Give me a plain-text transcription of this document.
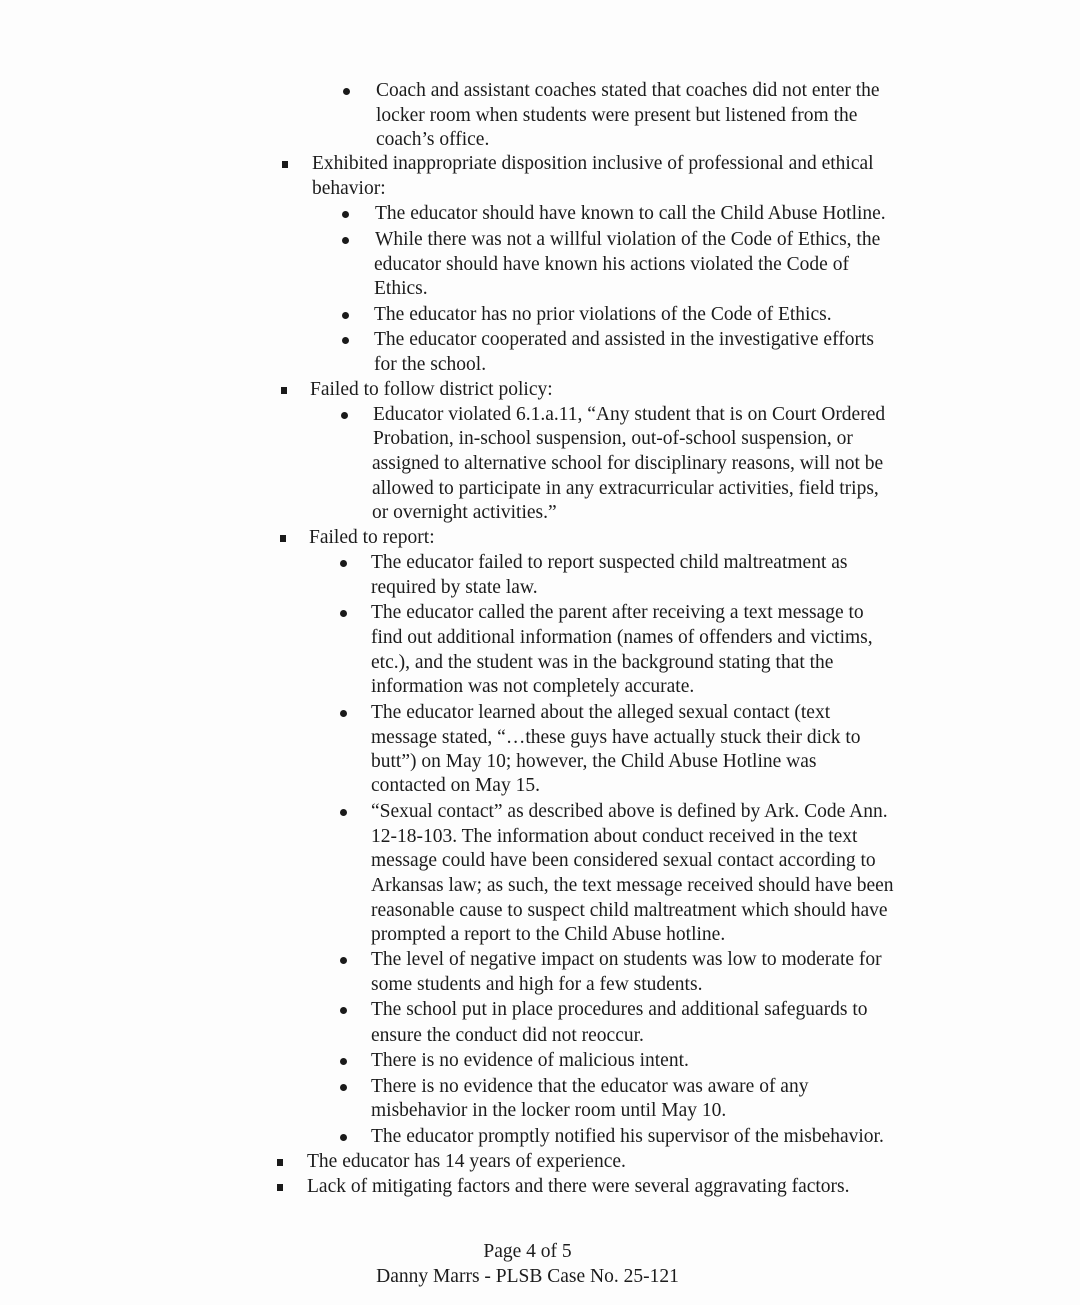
Coach and assistant coaches stated that coaches did not enter the
locker room when students were present but listened from the
coach’s office.
Exhibited inappropriate disposition inclusive of professional and ethical
behavior:
The educator should have known to call the Child Abuse Hotline.
While there was not a willful violation of the Code of Ethics, the
educator should have known his actions violated the Code of
Ethics.
The educator has no prior violations of the Code of Ethics.
The educator cooperated and assisted in the investigative efforts
for the school.
Failed to follow district policy:
Educator violated 6.1.a.11, “Any student that is on Court Ordered
Probation, in-school suspension, out-of-school suspension, or
assigned to alternative school for disciplinary reasons, will not be
allowed to participate in any extracurricular activities, field trips,
or overnight activities.”
Failed to report:
The educator failed to report suspected child maltreatment as
required by state law.
The educator called the parent after receiving a text message to
find out additional information (names of offenders and victims,
etc.), and the student was in the background stating that the
information was not completely accurate.
The educator learned about the alleged sexual contact (text
message stated, “…these guys have actually stuck their dick to
butt”) on May 10; however, the Child Abuse Hotline was
contacted on May 15.
“Sexual contact” as described above is defined by Ark. Code Ann.
12-18-103. The information about conduct received in the text
message could have been considered sexual contact according to
Arkansas law; as such, the text message received should have been
reasonable cause to suspect child maltreatment which should have
prompted a report to the Child Abuse hotline.
The level of negative impact on students was low to moderate for
some students and high for a few students.
The school put in place procedures and additional safeguards to
ensure the conduct did not reoccur.
There is no evidence of malicious intent.
There is no evidence that the educator was aware of any
misbehavior in the locker room until May 10.
The educator promptly notified his supervisor of the misbehavior.
The educator has 14 years of experience.
Lack of mitigating factors and there were several aggravating factors.
Page 4 of 5
Danny Marrs - PLSB Case No. 25-121
